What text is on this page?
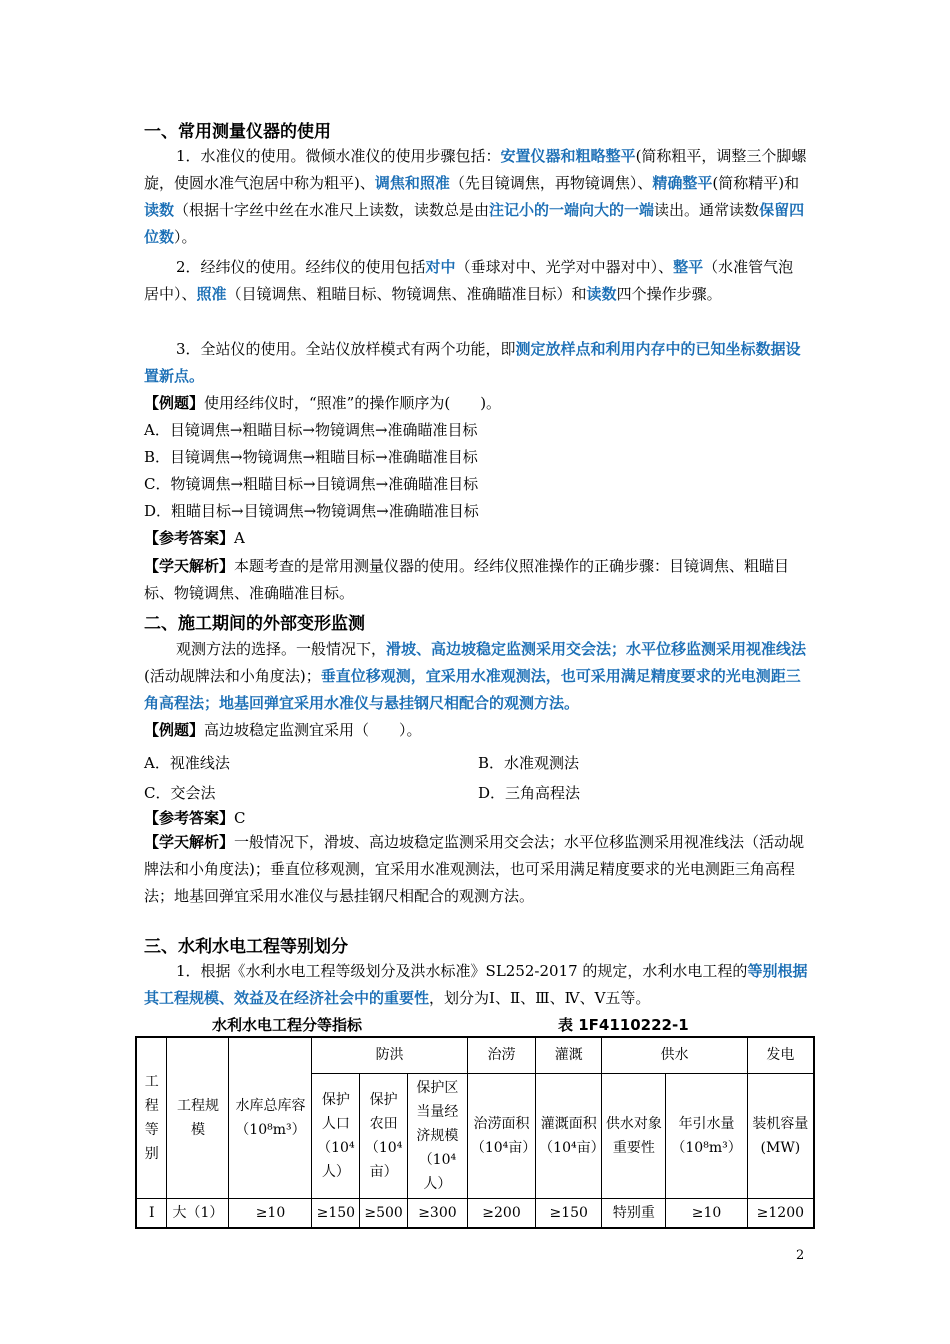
一、常用测量仪器的使用
1．水准仪的使用。微倾水准仪的使用步骤包括：安置仪器和粗略整平(简称粗平，调整三个脚螺旋，使圆水准气泡居中称为粗平)、调焦和照准（先目镜调焦，再物镜调焦）、精确整平(简称精平)和读数（根据十字丝中丝在水准尺上读数，读数总是由注记小的一端向大的一端读出。通常读数保留四位数）。
2．经纬仪的使用。经纬仪的使用包括对中（垂球对中、光学对中器对中）、整平（水准管气泡居中）、照准（目镜调焦、粗瞄目标、物镜调焦、准确瞄准目标）和读数四个操作步骤。
3．全站仪的使用。全站仪放样模式有两个功能，即测定放样点和利用内存中的已知坐标数据设置新点。
【例题】使用经纬仪时，“照准”的操作顺序为(　　)。
A．目镜调焦→粗瞄目标→物镜调焦→准确瞄准目标
B．目镜调焦→物镜调焦→粗瞄目标→准确瞄准目标
C．物镜调焦→粗瞄目标→目镜调焦→准确瞄准目标
D．粗瞄目标→目镜调焦→物镜调焦→准确瞄准目标
【参考答案】A
【学天解析】本题考查的是常用测量仪器的使用。经纬仪照准操作的正确步骤：目镜调焦、粗瞄目标、物镜调焦、准确瞄准目标。
二、施工期间的外部变形监测
观测方法的选择。一般情况下，滑坡、高边坡稳定监测采用交会法；水平位移监测采用视准线法(活动觇牌法和小角度法)；垂直位移观测，宜采用水准观测法，也可采用满足精度要求的光电测距三角高程法；地基回弹宜采用水准仪与悬挂钢尺相配合的观测方法。
【例题】高边坡稳定监测宜采用（　　）。
A．视准线法	B．水准观测法
C．交会法	D．三角高程法
【参考答案】C
【学天解析】一般情况下，滑坡、高边坡稳定监测采用交会法；水平位移监测采用视准线法（活动觇牌法和小角度法)；垂直位移观测，宜采用水准观测法，也可采用满足精度要求的光电测距三角高程法；地基回弹宜采用水准仪与悬挂钢尺相配合的观测方法。
三、水利水电工程等别划分
1．根据《水利水电工程等级划分及洪水标准》SL252-2017 的规定，水利水电工程的等别根据其工程规模、效益及在经济社会中的重要性，划分为Ⅰ、Ⅱ、Ⅲ、Ⅳ、Ⅴ五等。
水利水电工程分等指标	表 1F4110222-1
工程等别	工程规模	水库总库容（10⁸m³）	防洪			治涝	灌溉	供水		发电
			保护人口（10⁴人）	保护农田（10⁴亩）	保护区当量经济规模（10⁴人）	治涝面积（10⁴亩）	灌溉面积（10⁴亩）	供水对象重要性	年引水量（10⁸m³）	装机容量(MW)
Ⅰ	大（1）	≥10	≥150	≥500	≥300	≥200	≥150	特别重	≥10	≥1200
2
